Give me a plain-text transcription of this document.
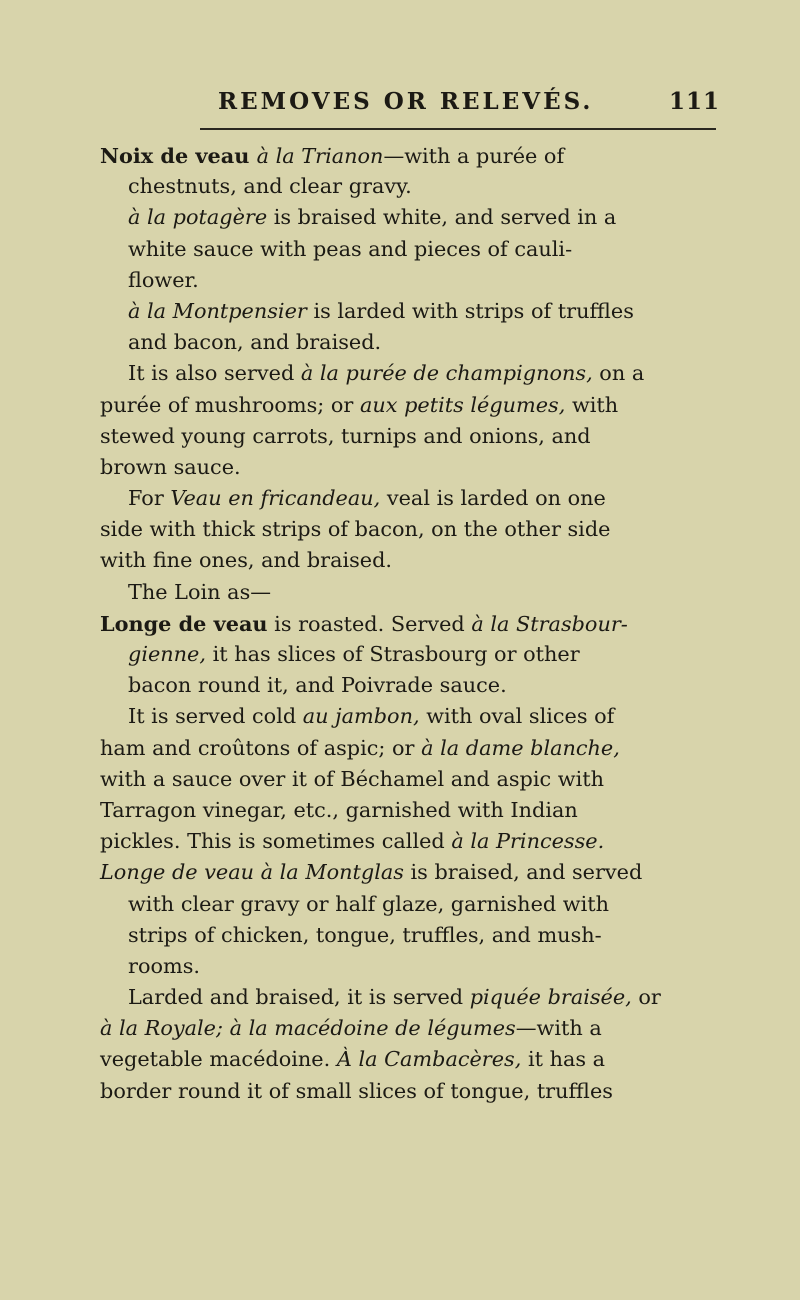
REMOVES OR RELEVÉS.	111
Noix de veau à la Trianon—with a purée of
chestnuts, and clear gravy.
à la potagère is braised white, and served in a
white sauce with peas and pieces of cauli-
flower.
à la Montpensier is larded with strips of truffles
and bacon, and braised.
It is also served à la purée de champignons, on a
purée of mushrooms; or aux petits légumes, with
stewed young carrots, turnips and onions, and
brown sauce.
For Veau en fricandeau, veal is larded on one
side with thick strips of bacon, on the other side
with fine ones, and braised.
The Loin as—
Longe de veau is roasted. Served à la Strasbour-
gienne, it has slices of Strasbourg or other
bacon round it, and Poivrade sauce.
It is served cold au jambon, with oval slices of
ham and croûtons of aspic; or à la dame blanche,
with a sauce over it of Béchamel and aspic with
Tarragon vinegar, etc., garnished with Indian
pickles. This is sometimes called à la Princesse.
Longe de veau à la Montglas is braised, and served
with clear gravy or half glaze, garnished with
strips of chicken, tongue, truffles, and mush-
rooms.
Larded and braised, it is served piquée braisée, or
à la Royale; à la macédoine de légumes—with a
vegetable macédoine. À la Cambacères, it has a
border round it of small slices of tongue, truffles
